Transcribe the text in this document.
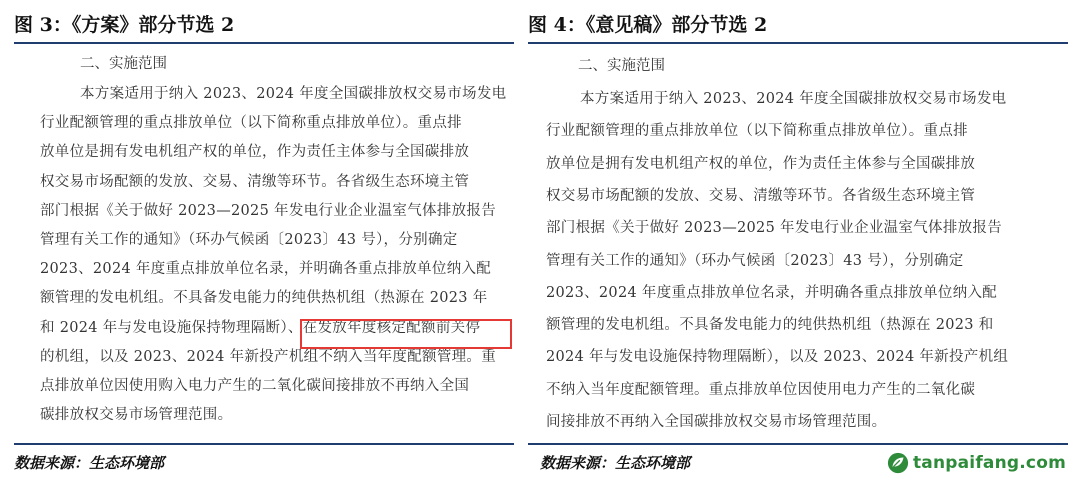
图 3：《方案》部分节选 2
二、实施范围
本方案适用于纳入 2023、2024 年度全国碳排放权交易市场发电
行业配额管理的重点排放单位（以下简称重点排放单位）。重点排
放单位是拥有发电机组产权的单位，作为责任主体参与全国碳排放
权交易市场配额的发放、交易、清缴等环节。各省级生态环境主管
部门根据《关于做好 2023—2025 年发电行业企业温室气体排放报告
管理有关工作的通知》（环办气候函〔2023〕43 号），分别确定
2023、2024 年度重点排放单位名录，并明确各重点排放单位纳入配
额管理的发电机组。不具备发电能力的纯供热机组（热源在 2023 年
和 2024 年与发电设施保持物理隔断）、在发放年度核定配额前关停
的机组，以及 2023、2024 年新投产机组不纳入当年度配额管理。重
点排放单位因使用购入电力产生的二氧化碳间接排放不再纳入全国
碳排放权交易市场管理范围。
数据来源：生态环境部
图 4：《意见稿》部分节选 2
二、实施范围
本方案适用于纳入 2023、2024 年度全国碳排放权交易市场发电
行业配额管理的重点排放单位（以下简称重点排放单位）。重点排
放单位是拥有发电机组产权的单位，作为责任主体参与全国碳排放
权交易市场配额的发放、交易、清缴等环节。各省级生态环境主管
部门根据《关于做好 2023—2025 年发电行业企业温室气体排放报告
管理有关工作的通知》（环办气候函〔2023〕43 号），分别确定
2023、2024 年度重点排放单位名录，并明确各重点排放单位纳入配
额管理的发电机组。不具备发电能力的纯供热机组（热源在 2023 和
2024 年与发电设施保持物理隔断），以及 2023、2024 年新投产机组
不纳入当年度配额管理。重点排放单位因使用电力产生的二氧化碳
间接排放不再纳入全国碳排放权交易市场管理范围。
数据来源：生态环境部	tanpaifang.com
